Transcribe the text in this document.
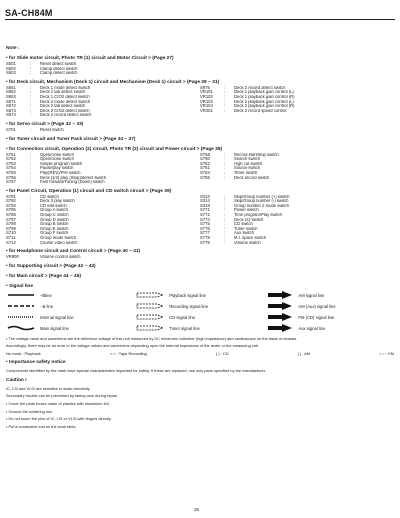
SA-CH84M
Note :
• for Slide motor circuit, Photo TR (1) circuit and Motor Circuit > (Page 27)
S501	:	Reset detect switch
S502	:	Clamp detect switch
S503	:	Clamp detect switch
• for Deck circuit, Mechanism (Deck 1) circuit and Mechanism (Deck 1) circuit > (Page 29 ~ 31)
S651	:	Deck 1 mode detect switch	S975	:	Deck 2 record detect switch
S652	:	Deck 1 tab detect switch	VR101	:	Deck 1 playback gain control (L)
S653	:	Deck 1 CrO2 detect switch	VR102	:	Deck 1 playback gain control (R)
S671	:	Deck 2 mode detect switch	VR103	:	Deck 2 playback gain control (L)
S672	:	Deck 2 tab detect switch	VR104	:	Deck 2 playback gain control (R)
S673	:	Deck 2 CrO2 detect switch	VR201	:	Deck 2 record speed control
S674	:	Deck 2 record detect switch
• for Servo circuit > (Page 32 ~ 33)
S701	:	Reset switch
• for Tuner circuit and Tuner Pack circuit > (Page 34 ~ 37)
• for Connection circuit, Operation (2) circuit, Photo TR (2) circuit and Power circuit > (Page 38)
S751	:	Open/close switch	S758	:	Record start/stop switch
S752	:	Open/close switch	S760	:	Search switch
S753	:	Simple program switch	S762	:	High cut switch
S754	:	Pause/play switch	S761	:	Source switch
S755	:	Play(REV)/PHI switch	S764	:	Timer switch
S756	:	Deck (1/2) play (Stop)/detect switch	S765	:	Deck record switch
S757	:	Fast forward/Tuning (Down) switch
• for Panel Circuit, Operation (1) circuit and CD switch circuit > (Page 39)
S791	:	CD switch	S313	:	Skip/Group number (+) switch
S792	:	Deck 2 play switch	S314	:	Skip/Group number (-) switch
S794	:	CD edit switch	S318	:	Group number 2 mode switch
S795	:	Group A switch	S771	:	Power switch
S796	:	Group C switch	S772	:	Time program/Play switch
S797	:	Group D switch	S774	:	Deck 1/2 switch
S798	:	Group B switch	S775	:	CD switch
S799	:	Group E switch	S776	:	Tuner switch
S710	:	Group F switch	S777	:	Aux switch
S711	:	Group mode switch	S778	:	M.I. space switch
S712	:	Course video switch	S779	:	Volume switch
• for Headphone circuit and Control circuit > (Page 40 ~ 41)
VR900	:	Volume control switch
• for Supporting circuit > (Page 42 ~ 43)
• for Main circuit > (Page 44 ~ 45)
• Signal line
+Bline	Playback signal line	AM signal line
- B line	Recording signal line	AM (Aux) signal line
Internal signal line	CD signal line	FM (CD) signal line
Main signal line	Tuner signal line	Aux signal line
• The voltage value and waveforms are the reference voltage of this unit measured by DC electronic voltmeter (high impedance) and oscilloscope on the basis of chassis.
Accordingly, there may be an error in the voltage values and waveforms depending upon the internal impedance of the tester or the measuring unit.
No mark : Playback	< > : Tape Recording	( ) : CD	[ ] : AM	< > : FM
• Importance safety notice
Components identified by the mark have special characteristics important for safety. If these are replaced, use only parts specified by the manufacturer.
Caution !
IC, LSI and VLSI are sensitive to static electricity.
Secondary trouble can be prevented by taking care during repair.
• Cover the parts boxes made of plastics with aluminium foil.
• Ground the soldering iron.
• Do not touch the pins of IC, LSI or VLSI with fingers directly.
• Put a conductive mat on the work table.
25
